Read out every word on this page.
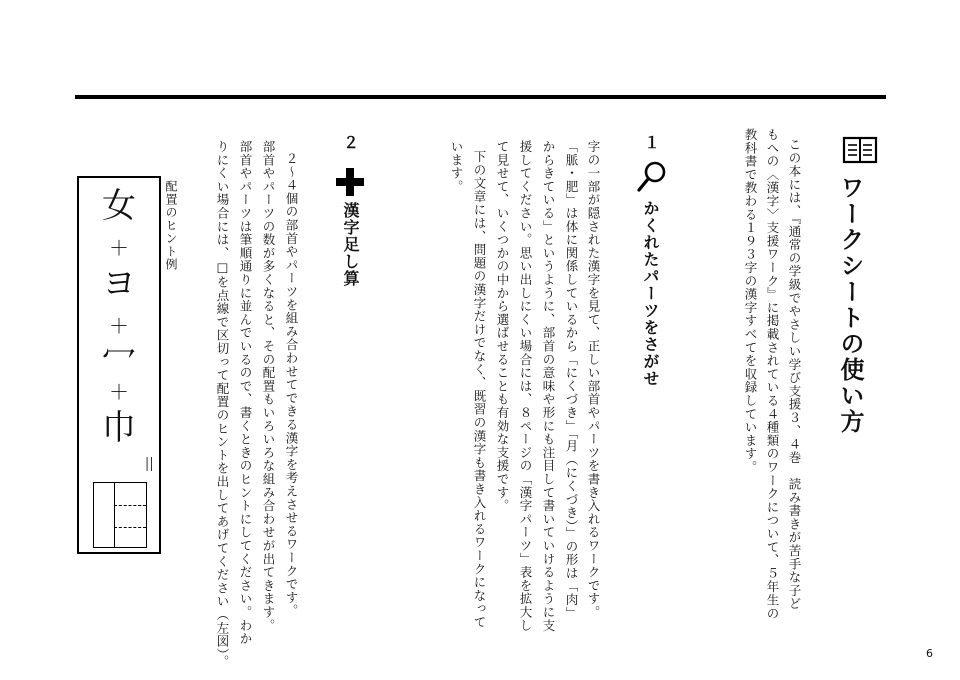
ワークシートの使い方
この本には、『通常の学級でやさしい学び支援３、４巻　読み書きが苦手な子ど
もへの〈漢字〉支援ワーク』に掲載されている４種類のワークについて、５年生の
教科書で教わる１９３字の漢字すべてを収録しています。
１
かくれたパーツをさがせ
字の一部が隠された漢字を見て、正しい部首やパーツを書き入れるワークです。
「脈・肥」は体に関係しているから「にくづき」「月（にくづき）」の形は「肉」
からきている」というように、部首の意味や形にも注目して書いていけるように支
援してください。思い出しにくい場合には、８ページの「漢字パーツ」表を拡大し
て見せて、いくつかの中から選ばせることも有効な支援です。
下の文章には、問題の漢字だけでなく、既習の漢字も書き入れるワークになって
います。
２
漢字足し算
２〜４個の部首やパーツを組み合わせてできる漢字を考えさせるワークです。
部首やパーツの数が多くなると、その配置もいろいろな組み合わせが出てきます。
部首やパーツは筆順通りに並んでいるので、書くときのヒントにしてください。わか
りにくい場合には、□を点線で区切って配置のヒントを出してあげてください（左図）。
配置のヒント例
女
＋
ヨ
＋
冖
＋
巾
＝
6
